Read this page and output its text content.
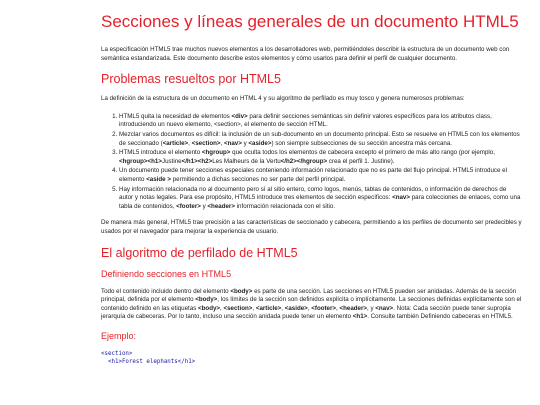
Secciones y líneas generales de un documento HTML5

La especificación HTML5 trae muchos nuevos elementos a los desarrolladores web, permitiéndoles describir la estructura de un documento web con semántica estandarizada. Este documento describe estos elementos y cómo usarlos para definir el perfil de cualquier documento.

Problemas resueltos por HTML5

La definición de la estructura de un documento en HTML 4 y su algoritmo de perfilado es muy tosco y genera numerosos problemas:

1. HTML5 quita la necesidad de elementos <div> para definir secciones semánticas sin definir valores específicos para los atributos class, introduciendo un nuevo elemento, <section>, el elemento de sección HTML.
2. Mezclar varios documentos es difícil: la inclusión de un sub-documento en un documento principal. Esto se resuelve en HTML5 con los elementos de seccionado (<article>, <section>, <nav> y <aside>) son siempre subsecciones de su sección ancestra más cercana.
3. HTML5 introduce el elemento <hgroup> que oculta todos los elementos de cabecera excepto el primero de más alto rango (por ejemplo, <hgroup><h1>Justine</h1><h2>Les Malheurs de la Vertu</h2></hgroup> crea el perfil 1. Justine).
4. Un documento puede tener secciones especiales conteniendo información relacionado que no es parte del flujo principal. HTML5 introduce el elemento <aside > permitiendo a dichas secciones no ser parte del perfil principal.
5. Hay información relacionada no al documento pero sí al sitio entero, como logos, menús, tablas de contenidos, o información de derechos de autor y notas legales. Para ese propósito, HTML5 introduce tres elementos de sección específicos: <nav> para colecciones de enlaces, como una tabla de contenidos, <footer> y <header> información relacionada con el sitio.

De manera más general, HTML5 trae precisión a las características de seccionado y cabecera, permitiendo a los perfiles de documento ser predecibles y usados por el navegador para mejorar la experiencia de usuario.

El algoritmo de perfilado de HTML5
Definiendo secciones en HTML5

Todo el contenido incluido dentro del elemento <body> es parte de una sección. Las secciones en HTML5 pueden ser anidadas. Además de la sección principal, definida por el elemento <body>, los límites de la sección son definidos explícita o implícitamente. La secciones definidas explícitamente son el contenido definido en las etiquetas <body>, <section>, <article>, <aside>, <footer>, <header>, y <nav>. Nota: Cada sección puede tener supropia jerarquía de cabeceras. Por lo tanto, incluso una sección anidada puede tener un elemento <h1>. Consulte también Definiendo cabeceras en HTML5.

Ejemplo:
<section>
<h1>Forest elephants</h1>
